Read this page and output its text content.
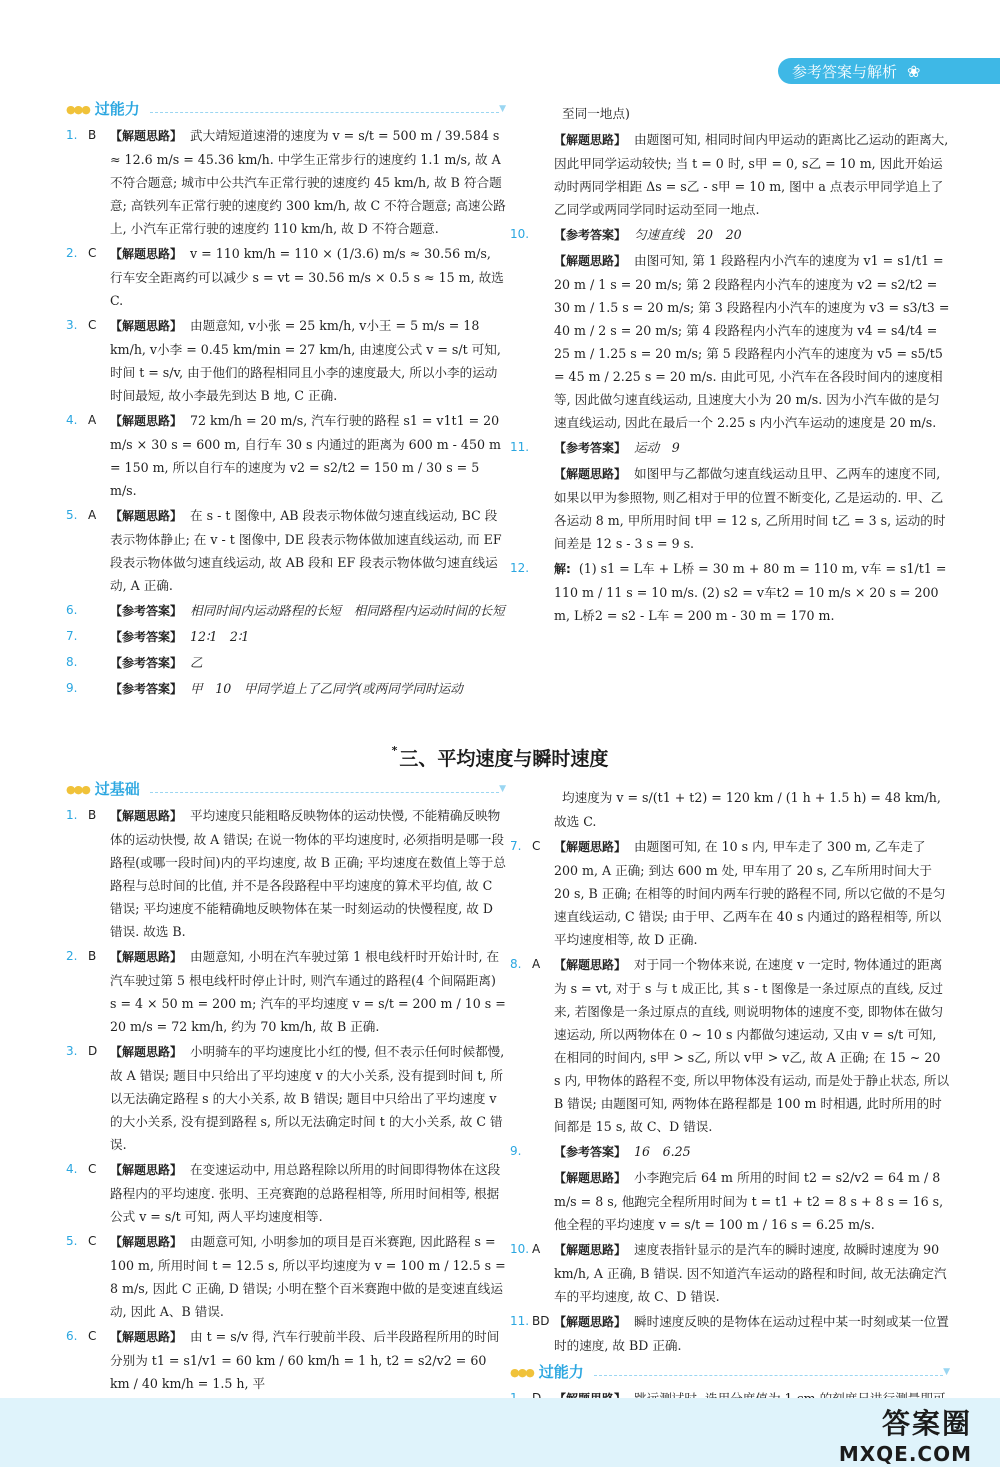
参考答案与解析 ❀
●●● 过能力	▼
1. B	【解题思路】 武大靖短道速滑的速度为 v = s/t = 500 m / 39.584 s ≈ 12.6 m/s = 45.36 km/h. 中学生正常步行的速度约 1.1 m/s, 故 A 不符合题意; 城市中公共汽车正常行驶的速度约 45 km/h, 故 B 符合题意; 高铁列车正常行驶的速度约 300 km/h, 故 C 不符合题意; 高速公路上, 小汽车正常行驶的速度约 110 km/h, 故 D 不符合题意.
2. C	【解题思路】 v = 110 km/h = 110 × (1/3.6) m/s ≈ 30.56 m/s, 行车安全距离约可以减少 s = vt = 30.56 m/s × 0.5 s ≈ 15 m, 故选 C.
3. C	【解题思路】 由题意知, v小张 = 25 km/h, v小王 = 5 m/s = 18 km/h, v小李 = 0.45 km/min = 27 km/h, 由速度公式 v = s/t 可知, 时间 t = s/v, 由于他们的路程相同且小李的速度最大, 所以小李的运动时间最短, 故小李最先到达 B 地, C 正确.
4. A	【解题思路】 72 km/h = 20 m/s, 汽车行驶的路程 s1 = v1t1 = 20 m/s × 30 s = 600 m, 自行车 30 s 内通过的距离为 600 m - 450 m = 150 m, 所以自行车的速度为 v2 = s2/t2 = 150 m / 30 s = 5 m/s.
5. A	【解题思路】 在 s - t 图像中, AB 段表示物体做匀速直线运动, BC 段表示物体静止; 在 v - t 图像中, DE 段表示物体做加速直线运动, 而 EF 段表示物体做匀速直线运动, 故 AB 段和 EF 段表示物体做匀速直线运动, A 正确.
6.	【参考答案】 相同时间内运动路程的长短　相同路程内运动时间的长短
7.	【参考答案】 12∶1　2∶1
8.	【参考答案】 乙
9.	【参考答案】 甲　10　甲同学追上了乙同学(或两同学同时运动
至同一地点)
【解题思路】 由题图可知, 相同时间内甲运动的距离比乙运动的距离大, 因此甲同学运动较快; 当 t = 0 时, s甲 = 0, s乙 = 10 m, 因此开始运动时两同学相距 Δs = s乙 - s甲 = 10 m, 图中 a 点表示甲同学追上了乙同学或两同学同时运动至同一地点.
10. 【参考答案】 匀速直线　20　20
【解题思路】 由图可知, 第 1 段路程内小汽车的速度为 v1 = s1/t1 = 20 m / 1 s = 20 m/s; 第 2 段路程内小汽车的速度为 v2 = s2/t2 = 30 m / 1.5 s = 20 m/s; 第 3 段路程内小汽车的速度为 v3 = s3/t3 = 40 m / 2 s = 20 m/s; 第 4 段路程内小汽车的速度为 v4 = s4/t4 = 25 m / 1.25 s = 20 m/s; 第 5 段路程内小汽车的速度为 v5 = s5/t5 = 45 m / 2.25 s = 20 m/s. 由此可见, 小汽车在各段时间内的速度相等, 因此做匀速直线运动, 且速度大小为 20 m/s. 因为小汽车做的是匀速直线运动, 因此在最后一个 2.25 s 内小汽车运动的速度是 20 m/s.
11. 【参考答案】 运动　9
【解题思路】 如图甲与乙都做匀速直线运动且甲、乙两车的速度不同, 如果以甲为参照物, 则乙相对于甲的位置不断变化, 乙是运动的. 甲、乙各运动 8 m, 甲所用时间 t甲 = 12 s, 乙所用时间 t乙 = 3 s, 运动的时间差是 12 s - 3 s = 9 s.
12. 解: (1) s1 = L车 + L桥 = 30 m + 80 m = 110 m, v车 = s1/t1 = 110 m / 11 s = 10 m/s. (2) s2 = v车t2 = 10 m/s × 20 s = 200 m, L桥2 = s2 - L车 = 200 m - 30 m = 170 m.
* 三、平均速度与瞬时速度
●●● 过基础	▼
1. B	【解题思路】 平均速度只能粗略反映物体的运动快慢, 不能精确反映物体的运动快慢, 故 A 错误; 在说一物体的平均速度时, 必须指明是哪一段路程(或哪一段时间)内的平均速度, 故 B 正确; 平均速度在数值上等于总路程与总时间的比值, 并不是各段路程中平均速度的算术平均值, 故 C 错误; 平均速度不能精确地反映物体在某一时刻运动的快慢程度, 故 D 错误. 故选 B.
2. B	【解题思路】 由题意知, 小明在汽车驶过第 1 根电线杆时开始计时, 在汽车驶过第 5 根电线杆时停止计时, 则汽车通过的路程(4 个间隔距离) s = 4 × 50 m = 200 m; 汽车的平均速度 v = s/t = 200 m / 10 s = 20 m/s = 72 km/h, 约为 70 km/h, 故 B 正确.
3. D	【解题思路】 小明骑车的平均速度比小红的慢, 但不表示任何时候都慢, 故 A 错误; 题目中只给出了平均速度 v 的大小关系, 没有提到时间 t, 所以无法确定路程 s 的大小关系, 故 B 错误; 题目中只给出了平均速度 v 的大小关系, 没有提到路程 s, 所以无法确定时间 t 的大小关系, 故 C 错误.
4. C	【解题思路】 在变速运动中, 用总路程除以所用的时间即得物体在这段路程内的平均速度. 张明、王亮赛跑的总路程相等, 所用时间相等, 根据公式 v = s/t 可知, 两人平均速度相等.
5. C	【解题思路】 由题意可知, 小明参加的项目是百米赛跑, 因此路程 s = 100 m, 所用时间 t = 12.5 s, 所以平均速度为 v = 100 m / 12.5 s = 8 m/s, 因此 C 正确, D 错误; 小明在整个百米赛跑中做的是变速直线运动, 因此 A、B 错误.
6. C	【解题思路】 由 t = s/v 得, 汽车行驶前半段、后半段路程所用的时间分别为 t1 = s1/v1 = 60 km / 60 km/h = 1 h, t2 = s2/v2 = 60 km / 40 km/h = 1.5 h, 平
均速度为 v = s/(t1 + t2) = 120 km / (1 h + 1.5 h) = 48 km/h, 故选 C.
7. C	【解题思路】 由题图可知, 在 10 s 内, 甲车走了 300 m, 乙车走了 200 m, A 正确; 到达 600 m 处, 甲车用了 20 s, 乙车所用时间大于 20 s, B 正确; 在相等的时间内两车行驶的路程不同, 所以它做的不是匀速直线运动, C 错误; 由于甲、乙两车在 40 s 内通过的路程相等, 所以平均速度相等, 故 D 正确.
8. A	【解题思路】 对于同一个物体来说, 在速度 v 一定时, 物体通过的距离为 s = vt, 对于 s 与 t 成正比, 其 s - t 图像是一条过原点的直线, 反过来, 若图像是一条过原点的直线, 则说明物体的速度不变, 即物体在做匀速运动, 所以两物体在 0 ~ 10 s 内都做匀速运动, 又由 v = s/t 可知, 在相同的时间内, s甲 > s乙, 所以 v甲 > v乙, 故 A 正确; 在 15 ~ 20 s 内, 甲物体的路程不变, 所以甲物体没有运动, 而是处于静止状态, 所以 B 错误; 由题图可知, 两物体在路程都是 100 m 时相遇, 此时所用的时间都是 15 s, 故 C、D 错误.
9.	【参考答案】 16　6.25
【解题思路】 小李跑完后 64 m 所用的时间 t2 = s2/v2 = 64 m / 8 m/s = 8 s, 他跑完全程所用时间为 t = t1 + t2 = 8 s + 8 s = 16 s, 他全程的平均速度 v = s/t = 100 m / 16 s = 6.25 m/s.
10. A	【解题思路】 速度表指针显示的是汽车的瞬时速度, 故瞬时速度为 90 km/h, A 正确, B 错误. 因不知道汽车运动的路程和时间, 故无法确定汽车的平均速度, 故 C、D 错误.
11. BD 【解题思路】 瞬时速度反映的是物体在运动过程中某一时刻或某一位置时的速度, 故 BD 正确.
●●● 过能力	▼
答案圈
MXQE.COM
